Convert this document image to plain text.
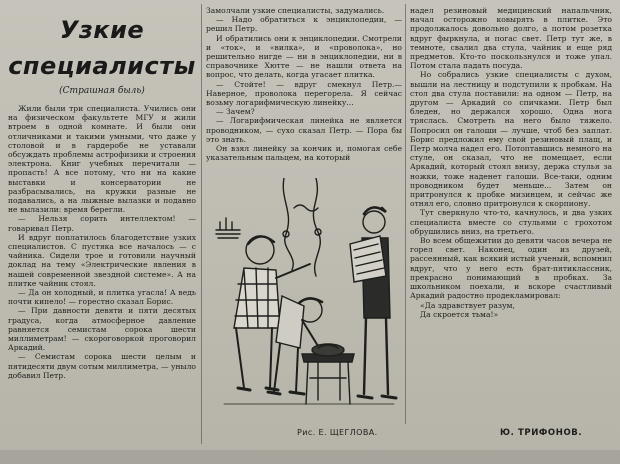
Узкие
специалисты
(Страшная быль)

Жили были три специалиста. Учились они на физическом факультете МГУ и жили втроем в одной комнате. И были они отличниками и такими умными, что даже у столовой и в гардеробе не уставали обсуждать проблемы астрофизики и строения электрона. Книг учебных перечитали — пропасть! А все потому, что ни на какие выставки и консерватории не разбрасывались, на кружки разные не подавались, а на лыжные вылазки и подавно не вылазили: время берегли.

— Нельзя сорить интеллектом! — говаривал Петр.

И вдруг поплатилось благодетствие узких специалистов. С пустяка все началось — с чайника. Сидели трое и готовили научный доклад на тему «Электрические явления в нашей современной звездной системе». А на плитке чайник стоял.

— Да он холодный, и плитка угасла! А ведь почти кипело! — горестно сказал Борис.

— При давности девяти и пяти десятых градуса, когда атмосферное давление равняется семистам сорока шести миллиметрам! — скороговоркой проговорил Аркадий.

— Семистам сорока шести целым и пятидесяти двум сотым миллиметра, — уныло добавил Петр.

Замолчали узкие специалисты, задумались.

— Надо обратиться к энциклопедии, — решил Петр.

И обратились они к энциклопедии. Смотрели и «ток», и «вилка», и «проволока», но решительно нигде — ни в энциклопедии, ни в справочнике Хютте — не нашли ответа на вопрос, что делать, когда угасает плитка.

— Стойте! — вдруг смекнул Петр.— Наверное, проволока перегорела. Я сейчас возьму логарифмическую линейку...

— Зачем?

— Логарифмическая линейка не является проводником, — сухо сказал Петр. — Пора бы это знать.

Он взял линейку за кончик и, помогая себе указательным пальцем, на который

Рис. Е. ЩЕГЛОВА.

надел резиновый медицинский напальчник, начал осторожно ковырять в плитке. Это продолжалось довольно долго, а потом розетка вдруг фыркнула, и погас свет. Петр тут же, в темноте, свалил два стула, чайник и еще ряд предметов. Кто-то поскользнулся и тоже упал. Потом стала падать посуда.

Но собрались узкие специалисты с духом, вышли на лестницу и подступили к пробкам. На стол два стула поставили: на одном — Петр, на другом — Аркадий со спичками. Петр был бледен, но держался хорошо. Одна нога тряслась. Смотреть на него было тяжело. Попросил он галоши — лучше, чтоб без заплат. Борис предложил ему свой резиновый плащ, и Петр молча надел его. Потоптавшись немного на стуле, он сказал, что не помещает, если Аркадий, который стоял внизу, держа стулья за ножки, тоже наденет галоши. Все-таки, одним проводником будет меньше... Затем он притронулся к пробке мизинцем, и сейчас же отнял его, словно притронулся к скорпиону.

Тут сверкнуло что-то, качнулось, и два узких специалиста вместе со стульями с грохотом обрушились вниз, на третьего.

Во всем общежитии до девяти часов вечера не горел свет. Наконец, один из друзей, рассеянный, как всякий истый ученый, вспомнил вдруг, что у него есть брат-пятиклассник, прекрасно понимающий в пробках. За школьником поехали, и вскоре счастливый Аркадий радостно продекламировал:

«Да здравствует разум,

Да скроется тьма!»

Ю. ТРИФОНОВ.
